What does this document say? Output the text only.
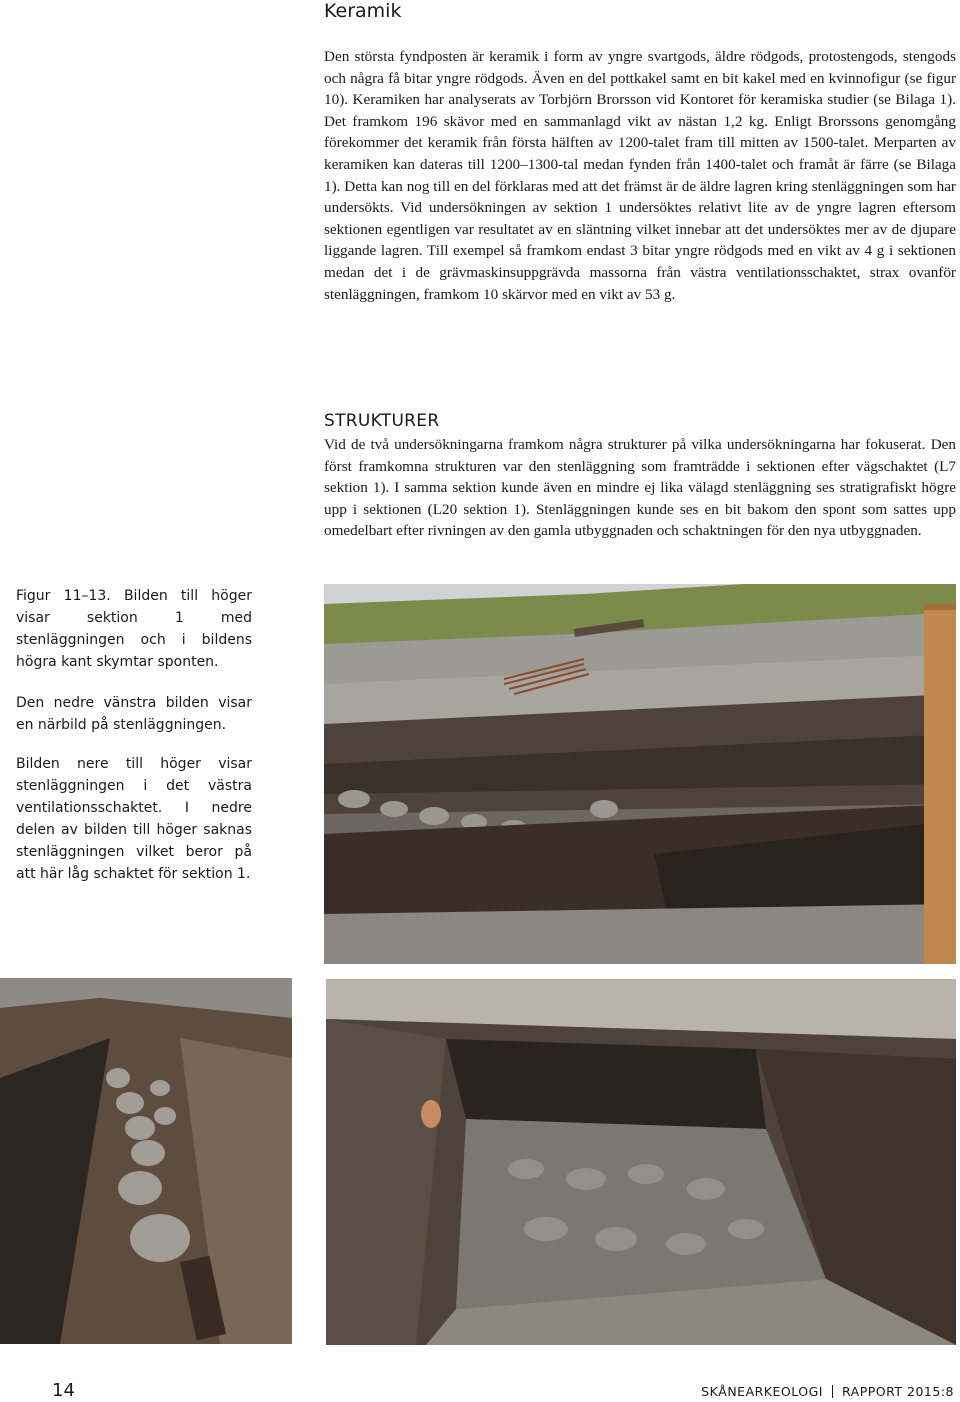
Keramik

Den största fyndposten är keramik i form av yngre svartgods, äldre rödgods, protostengods, stengods och några få bitar yngre rödgods. Även en del pottkakel samt en bit kakel med en kvinnofigur (se figur 10). Keramiken har analyserats av Torbjörn Brorsson vid Kontoret för keramiska studier (se Bilaga 1). Det framkom 196 skävor med en sammanlagd vikt av nästan 1,2 kg. Enligt Brorssons genomgång förekommer det keramik från första hälften av 1200-talet fram till mitten av 1500-talet. Merparten av keramiken kan dateras till 1200–1300-tal medan fynden från 1400-talet och framåt är färre (se Bilaga 1). Detta kan nog till en del förklaras med att det främst är de äldre lagren kring stenläggningen som har undersökts. Vid undersökningen av sektion 1 undersöktes relativt lite av de yngre lagren eftersom sektionen egentligen var resultatet av en släntning vilket innebar att det undersöktes mer av de djupare liggande lagren. Till exempel så framkom endast 3 bitar yngre rödgods med en vikt av 4 g i sektionen medan det i de grävmaskinsuppgrävda massorna från västra ventilationsschaktet, strax ovanför stenläggningen, framkom 10 skärvor med en vikt av 53 g.

STRUKTURER

Vid de två undersökningarna framkom några strukturer på vilka undersökningarna har fokuserat. Den först framkomna strukturen var den stenläggning som framträdde i sektionen efter vägschaktet (L7 sektion 1). I samma sektion kunde även en mindre ej lika välagd stenläggning ses stratigrafiskt högre upp i sektionen (L20 sektion 1). Stenläggningen kunde ses en bit bakom den spont som sattes upp omedelbart efter rivningen av den gamla utbyggnaden och schaktningen för den nya utbyggnaden.

Figur 11–13. Bilden till höger visar sektion 1 med stenläggningen och i bildens högra kant skymtar sponten.

Den nedre vänstra bilden visar en närbild på stenläggningen.

Bilden nere till höger visar stenläggningen i det västra ventilationsschaktet. I nedre delen av bilden till höger saknas stenläggningen vilket beror på att här låg schaktet för sektion 1.

14	SKÅNEARKEOLOGI RAPPORT 2015:8
